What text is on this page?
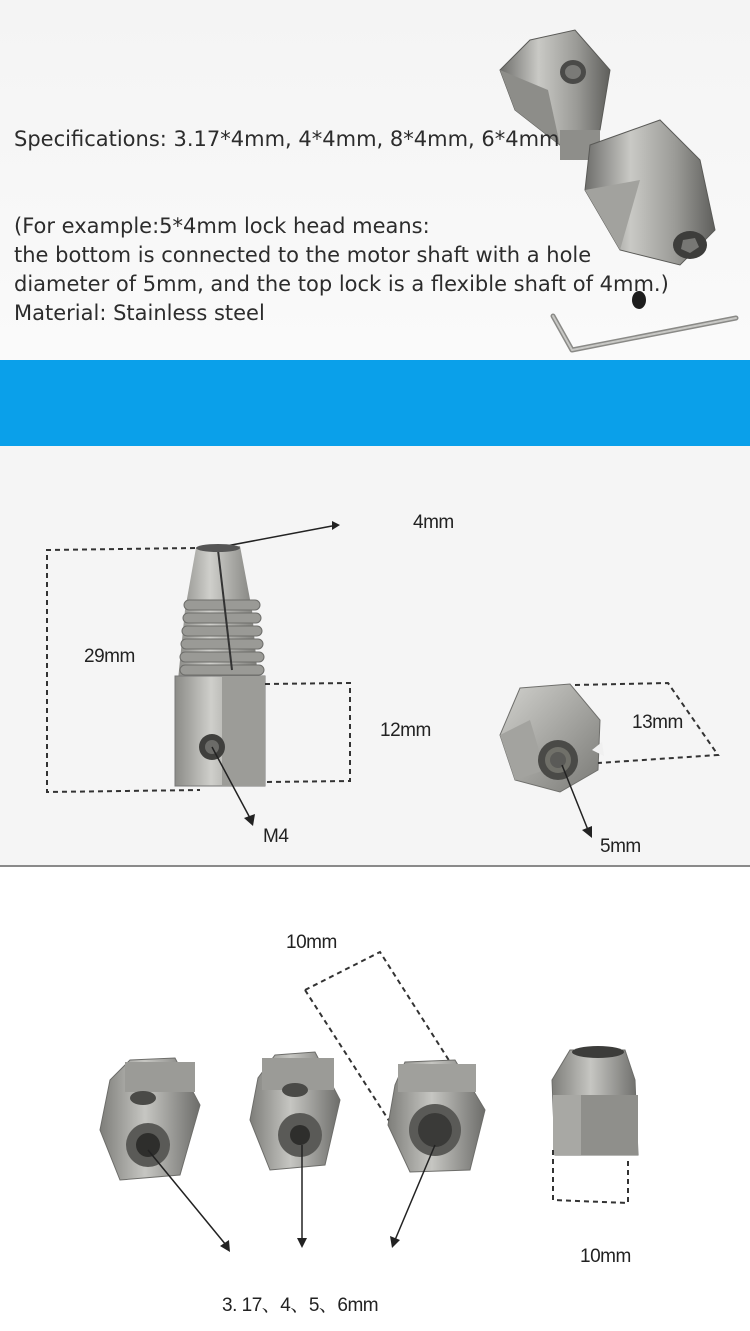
Specifications: 3.17*4mm, 4*4mm, 8*4mm, 6*4mm
(For example:5*4mm lock head means:
the bottom is connected to the motor shaft with a hole
diameter of 5mm, and the top lock is a flexible shaft of 4mm.)
Material: Stainless steel
4mm
29mm
12mm
M4
13mm
5mm
10mm
10mm
3. 17、4、5、6mm
